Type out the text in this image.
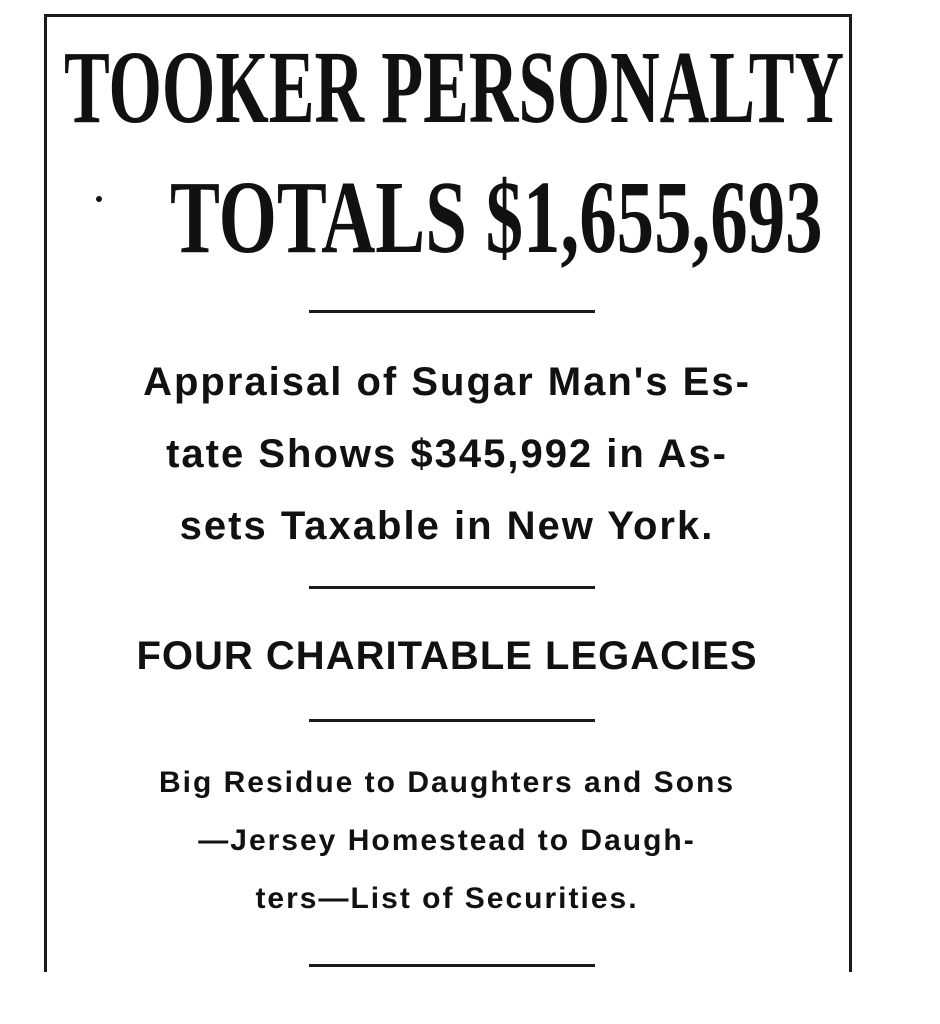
TOOKER PERSONALTY
TOTALS $1,655,693

Appraisal of Sugar Man's Es-

tate Shows $345,992 in As-

sets Taxable in New York.

FOUR CHARITABLE LEGACIES

Big Residue to Daughters and Sons

—Jersey Homestead to Daugh-

ters—List of Securities.
